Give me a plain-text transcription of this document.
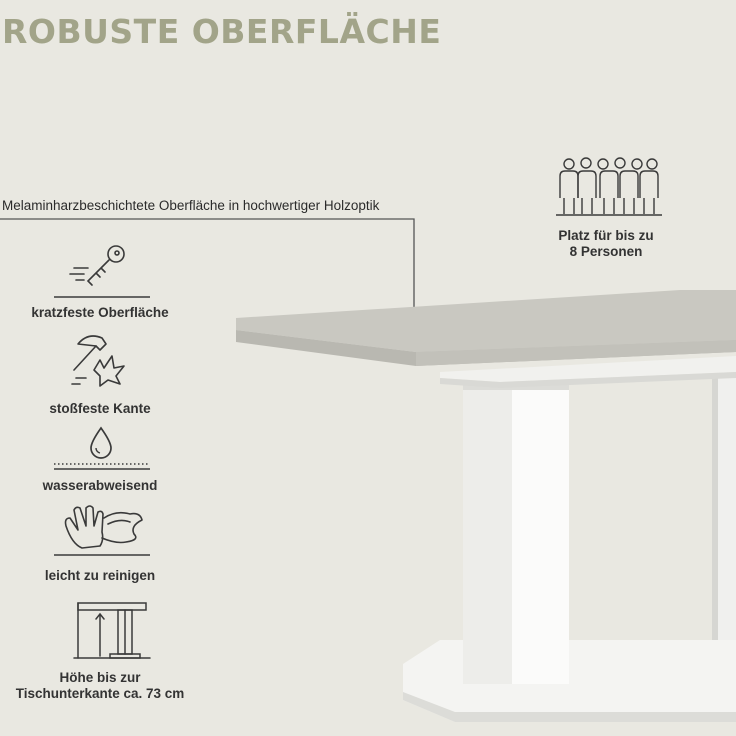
ROBUSTE OBERFLÄCHE
Melaminharzbeschichtete Oberfläche in hochwertiger Holzoptik
Platz für bis zu
8 Personen
kratzfeste Oberfläche
stoßfeste Kante
wasserabweisend
leicht zu reinigen
Höhe bis zur
Tischunterkante ca. 73 cm
